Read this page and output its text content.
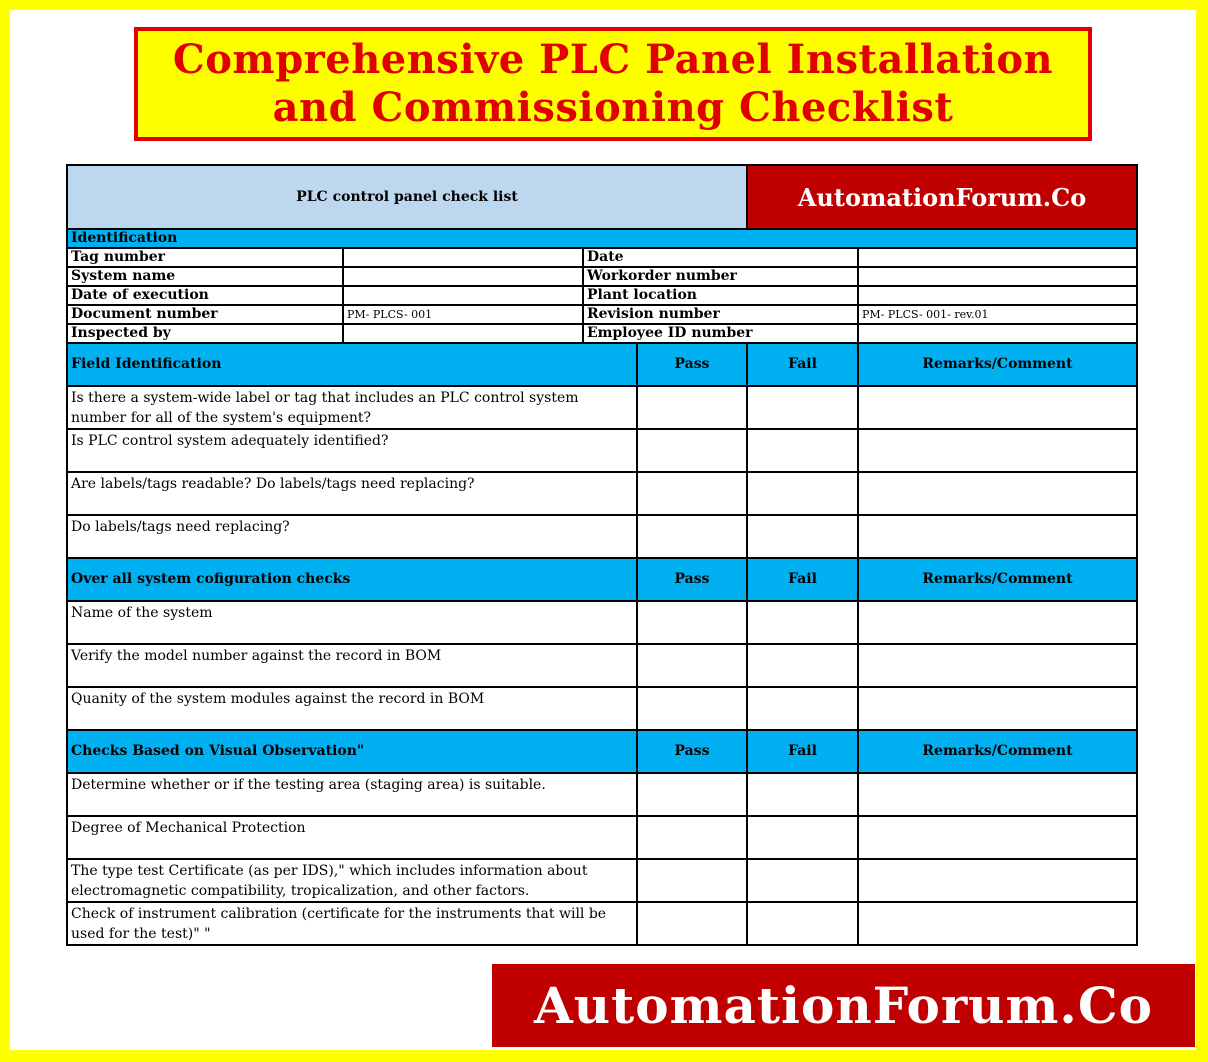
Comprehensive PLC Panel Installation and Commissioning Checklist
PLC control panel check list				AutomationForum.Co	
Identification					
Tag number		Date			
System name		Workorder number			
Date of execution		Plant location			
Document number	PM- PLCS- 001	Revision number			PM- PLCS- 001- rev.01
Inspected by		Employee ID number			
Field Identification			Pass	Fail	Remarks/Comment
Is there a system-wide label or tag that includes an PLC control system number for all of the system's equipment?					
Is PLC control system adequately identified?					
Are labels/tags readable? Do labels/tags need replacing?					
Do labels/tags need replacing?					
Over all system cofiguration checks			Pass	Fail	Remarks/Comment
Name of the system					
Verify the model number against the record in BOM					
Quanity of the system modules against the record in BOM					
Checks Based on Visual Observation"			Pass	Fail	Remarks/Comment
Determine whether or if the testing area (staging area) is suitable.					
Degree of Mechanical Protection					
The type test Certificate (as per IDS)," which includes information about electromagnetic compatibility, tropicalization, and other factors.					
Check of instrument calibration (certificate for the instruments that will be used for the test)" "					
AutomationForum.Co
